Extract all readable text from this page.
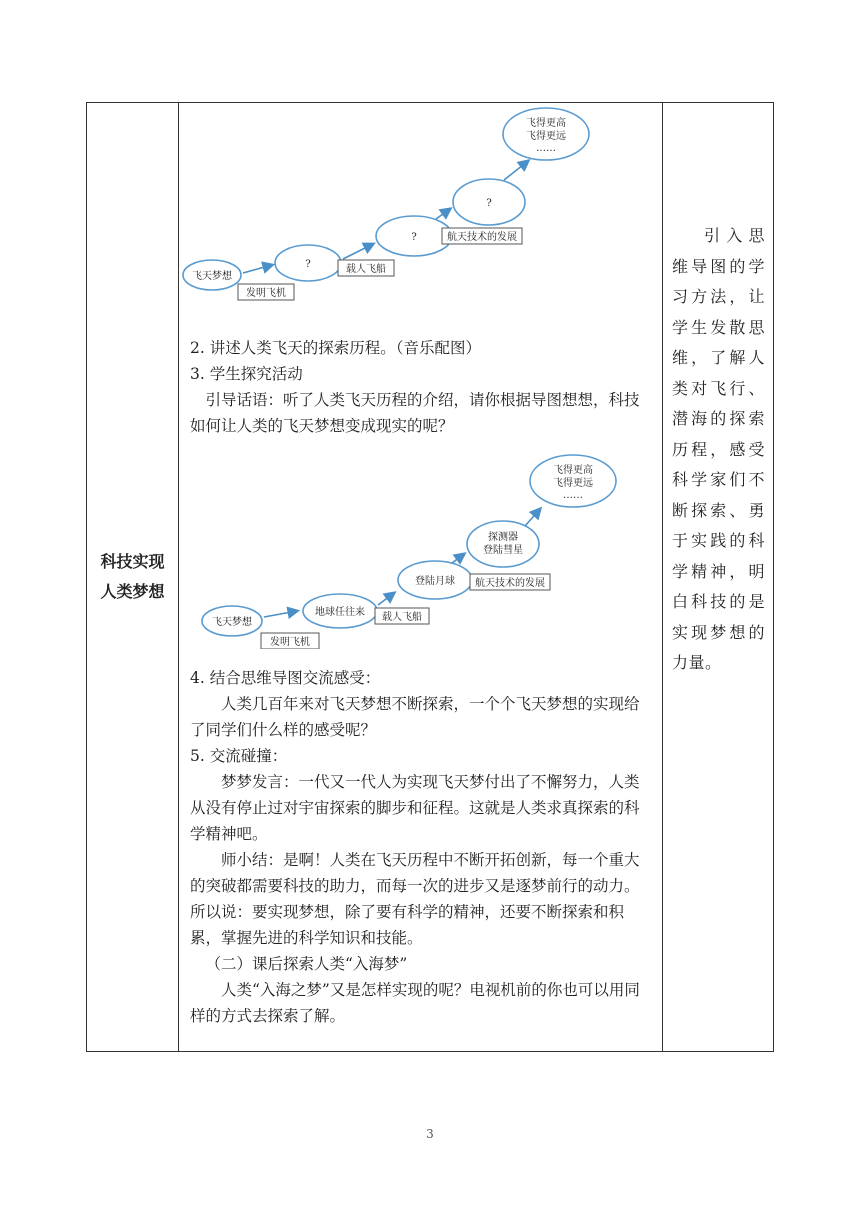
科技实现人类梦想
飞天梦想
?
?
?
飞得更高
飞得更远
……
发明飞机
载人飞船
航天技术的发展
2. 讲述人类飞天的探索历程。（音乐配图）
3. 学生探究活动
引导话语：听了人类飞天历程的介绍，请你根据导图想想，科技如何让人类的飞天梦想变成现实的呢？
飞天梦想
地球任往来
登陆月球
探测器
登陆彗星
飞得更高
飞得更远
……
发明飞机
载人飞船
航天技术的发展
4. 结合思维导图交流感受：
人类几百年来对飞天梦想不断探索，一个个飞天梦想的实现给了同学们什么样的感受呢？
5. 交流碰撞：
梦梦发言：一代又一代人为实现飞天梦付出了不懈努力，人类从没有停止过对宇宙探索的脚步和征程。这就是人类求真探索的科学精神吧。
师小结：是啊！人类在飞天历程中不断开拓创新，每一个重大的突破都需要科技的助力，而每一次的进步又是逐梦前行的动力。所以说：要实现梦想，除了要有科学的精神，还要不断探索和积累，掌握先进的科学知识和技能。
（二）课后探索人类“入海梦”
人类“入海之梦”又是怎样实现的呢？电视机前的你也可以用同样的方式去探索了解。
引入思维导图的学习方法，让学生发散思维，了解人类对飞行、潜海的探索历程，感受科学家们不断探索、勇于实践的科学精神，明白科技的是实现梦想的力量。
3
